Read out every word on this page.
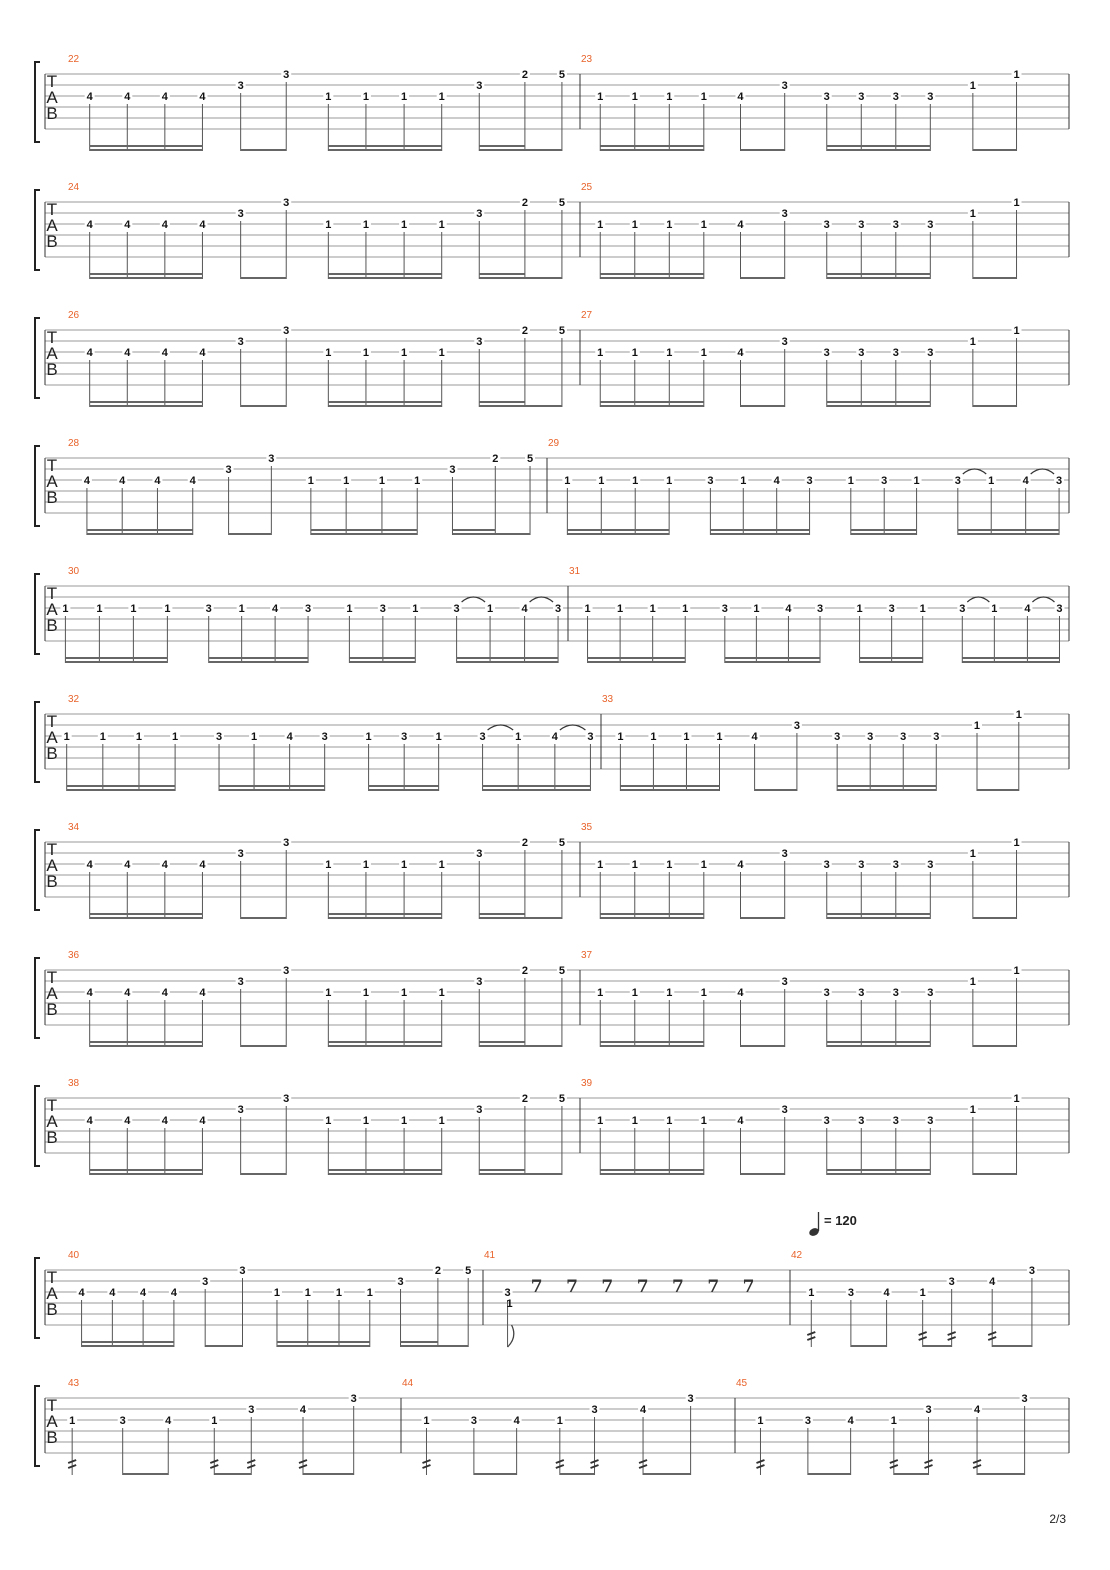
T
A
B
22
4	4	4	4
3
3
1	1	1	1
3
2	5
23
1	1	1	1	4
3
3	3	3	3
1
1
T
A
B
24
4	4	4	4
3
3
1	1	1	1
3
2	5
25
1	1	1	1	4
3
3	3	3	3
1
1
T
A
B
26
4	4	4	4
3
3
1	1	1	1
3
2	5
27
1	1	1	1	4
3
3	3	3	3
1
1
T
A
B
28
4	4	4	4
3
3
1	1	1	1
3
2	5
29
1	1	1	1	3 1 4 3	1 3 1	3 1	4 3
T
A
B
30
1	1	1	1	3 1 4 3	1 3 1	3 1	4 3
31
1 1 1 1	3 1 4 3	1 3 1	3 1 4 3
T
A
B
32
1	1	1	1	3	1	4	3	1	3	1	3	1	4	3
33
1 1 1 1	4
3
3 3 3 3
1
1
T
A
B
34
4	4	4	4
3
3
1	1	1	1
3
2	5
35
1	1	1	1	4
3
3	3	3	3
1
1
T
A
B
36
4	4	4	4
3
3
1	1	1	1
3
2	5
37
1	1	1	1	4
3
3	3	3	3
1
1
T
A
B
38
4	4	4	4
3
3
1	1	1	1
3
2	5
39
1	1	1	1	4
3
3	3	3	3
1
1
T
A
B
40
4 4 4 4
3
3
1 1 1 1
3
2 5
41
3 7 7 7 7 7 7 7
1
42
1	3	4	1
3	4
3
T
A
B
43
1	3	4	1
3	4
3
44
1	3	4	1
3	4
3
45
1	3	4	1
3	4
3
= 120
2/3
